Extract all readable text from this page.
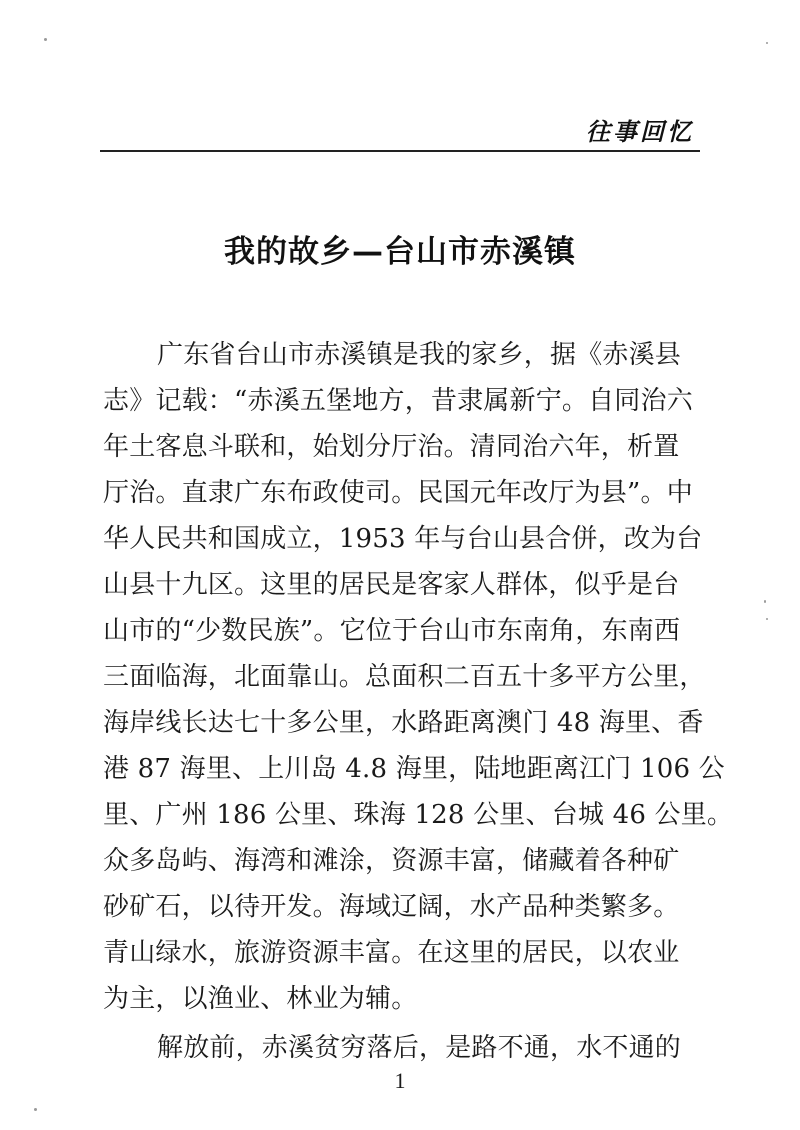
往事回忆
我的故乡—台山市赤溪镇
广东省台山市赤溪镇是我的家乡，据《赤溪县
志》记载：“赤溪五堡地方，昔隶属新宁。自同治六
年土客息斗联和，始划分厅治。清同治六年，析置
厅治。直隶广东布政使司。民国元年改厅为县”。中
华人民共和国成立，1953 年与台山县合併，改为台
山县十九区。这里的居民是客家人群体，似乎是台
山市的“少数民族”。它位于台山市东南角，东南西
三面临海，北面靠山。总面积二百五十多平方公里，
海岸线长达七十多公里，水路距离澳门 48 海里、香
港 87 海里、上川岛 4.8 海里，陆地距离江门 106 公
里、广州 186 公里、珠海 128 公里、台城 46 公里。
众多岛屿、海湾和滩涂，资源丰富，储藏着各种矿
砂矿石，以待开发。海域辽阔，水产品种类繁多。
青山绿水，旅游资源丰富。在这里的居民，以农业
为主，以渔业、林业为辅。
解放前，赤溪贫穷落后，是路不通，水不通的
1
